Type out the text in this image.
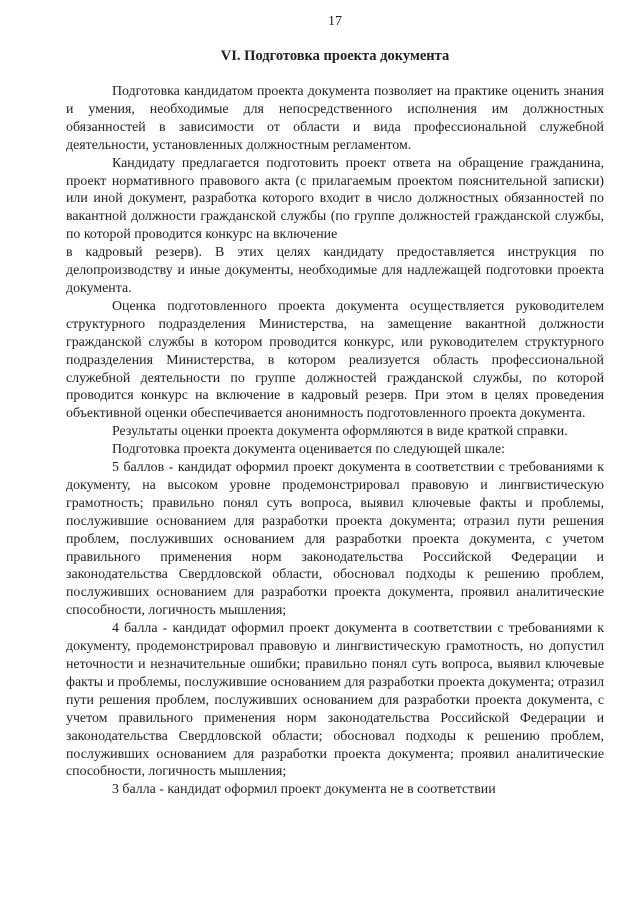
17
VI. Подготовка проекта документа

Подготовка кандидатом проекта документа позволяет на практике оценить знания и умения, необходимые для непосредственного исполнения им должностных обязанностей в зависимости от области и вида профессиональной служебной деятельности, установленных должностным регламентом.

Кандидату предлагается подготовить проект ответа на обращение гражданина, проект нормативного правового акта (с прилагаемым проектом пояснительной записки) или иной документ, разработка которого входит в число должностных обязанностей по вакантной должности гражданской службы (по группе должностей гражданской службы, по которой проводится конкурс на включение

в кадровый резерв). В этих целях кандидату предоставляется инструкция по делопроизводству и иные документы, необходимые для надлежащей подготовки проекта документа.

Оценка подготовленного проекта документа осуществляется руководителем структурного подразделения Министерства, на замещение вакантной должности гражданской службы в котором проводится конкурс, или руководителем структурного подразделения Министерства, в котором реализуется область профессиональной служебной деятельности по группе должностей гражданской службы, по которой проводится конкурс на включение в кадровый резерв. При этом в целях проведения объективной оценки обеспечивается анонимность подготовленного проекта документа.

Результаты оценки проекта документа оформляются в виде краткой справки.

Подготовка проекта документа оценивается по следующей шкале:

5 баллов - кандидат оформил проект документа в соответствии с требованиями к документу, на высоком уровне продемонстрировал правовую и лингвистическую грамотность; правильно понял суть вопроса, выявил ключевые факты и проблемы, послужившие основанием для разработки проекта документа; отразил пути решения проблем, послуживших основанием для разработки проекта документа, с учетом правильного применения норм законодательства Российской Федерации и законодательства Свердловской области, обосновал подходы к решению проблем, послуживших основанием для разработки проекта документа, проявил аналитические способности, логичность мышления;

4 балла - кандидат оформил проект документа в соответствии с требованиями к документу, продемонстрировал правовую и лингвистическую грамотность, но допустил неточности и незначительные ошибки; правильно понял суть вопроса, выявил ключевые факты и проблемы, послужившие основанием для разработки проекта документа; отразил пути решения проблем, послуживших основанием для разработки проекта документа, с учетом правильного применения норм законодательства Российской Федерации и законодательства Свердловской области; обосновал подходы к решению проблем, послуживших основанием для разработки проекта документа; проявил аналитические способности, логичность мышления;

3 балла - кандидат оформил проект документа не в соответствии
